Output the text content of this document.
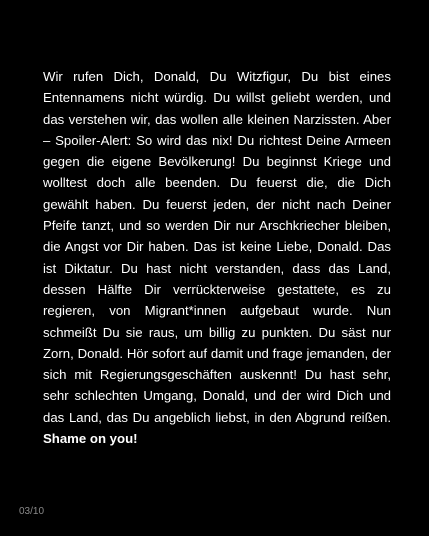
Wir rufen Dich, Donald, Du Witzfigur, Du bist eines Entennamens nicht würdig. Du willst geliebt werden, und das verstehen wir, das wollen alle kleinen Narzissten. Aber – Spoiler-Alert: So wird das nix! Du richtest Deine Armeen gegen die eigene Bevölkerung! Du beginnst Kriege und wolltest doch alle beenden. Du feuerst die, die Dich gewählt haben. Du feuerst jeden, der nicht nach Deiner Pfeife tanzt, und so werden Dir nur Arschkriecher bleiben, die Angst vor Dir haben. Das ist keine Liebe, Donald. Das ist Diktatur. Du hast nicht verstanden, dass das Land, dessen Hälfte Dir verrückterweise gestattete, es zu regieren, von Migrant*innen aufgebaut wurde. Nun schmeißt Du sie raus, um billig zu punkten. Du säst nur Zorn, Donald. Hör sofort auf damit und frage jemanden, der sich mit Regierungsgeschäften auskennt! Du hast sehr, sehr schlechten Umgang, Donald, und der wird Dich und das Land, das Du angeblich liebst, in den Abgrund reißen. Shame on you!

03/10
